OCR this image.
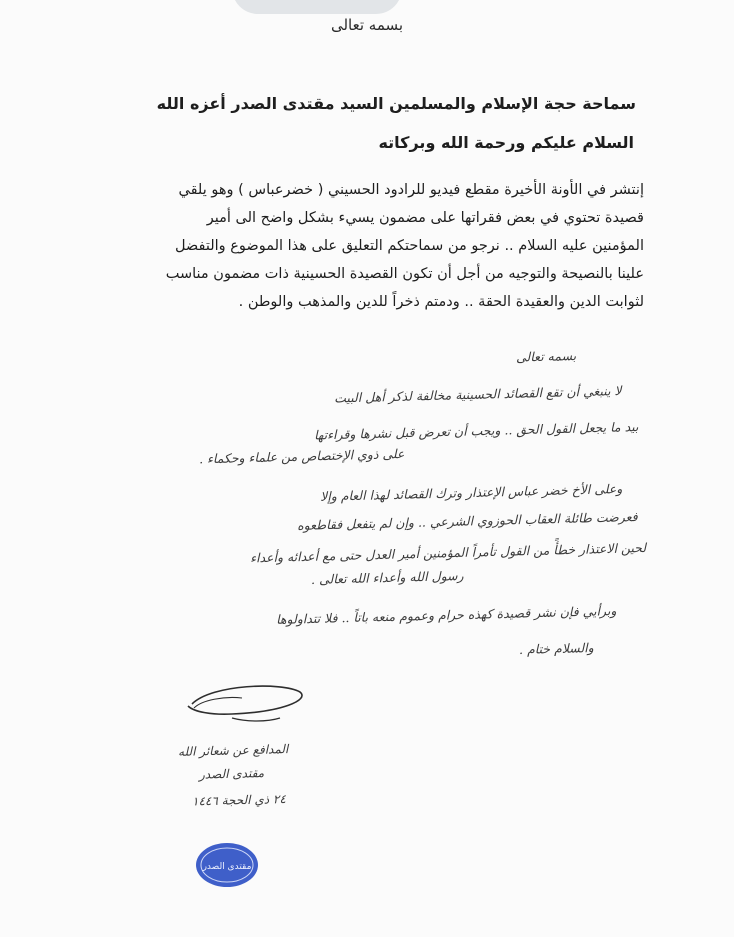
بسمه تعالى
سماحة حجة الإسلام والمسلمين السيد مقتدى الصدر أعزه الله
السلام عليكم ورحمة الله وبركاته
إنتشر في الأونة الأخيرة مقطع فيديو للرادود الحسيني ( خضرعباس ) وهو يلقي
قصيدة تحتوي في بعض فقراتها على مضمون يسيء بشكل واضح الى أمير
المؤمنين عليه السلام .. نرجو من سماحتكم التعليق على هذا الموضوع والتفضل
علينا بالنصيحة والتوجيه من أجل أن تكون القصيدة الحسينية ذات مضمون مناسب
لثوابت الدين والعقيدة الحقة .. ودمتم ذخراً للدين والمذهب والوطن .
بسمه تعالى
لا ينبغي أن تقع القصائد الحسينية مخالفة لذكر أهل البيت
بيد ما يجعل القول الحق .. ويجب أن تعرض قبل نشرها وقراءتها
على ذوي الإختصاص من علماء وحكماء .
وعلى الأخ خضر عباس الإعتذار وترك القصائد لهذا العام وإلا
فعرضت طائلة العقاب الحوزوي الشرعي .. وإن لم يتفعل فقاطعوه
لحين الاعتذار خطأً من القول تأمراً المؤمنين أمير العدل حتى مع أعدائه وأعداء
رسول الله وأعداء الله تعالى .
وبرأيي فإن نشر قصيدة كهذه حرام وعموم منعه باتاً .. فلا تتداولوها
والسلام ختام .
المدافع عن شعائر الله
مقتدى الصدر
٢٤ ذي الحجة ١٤٤٦
مقتدى الصدر
